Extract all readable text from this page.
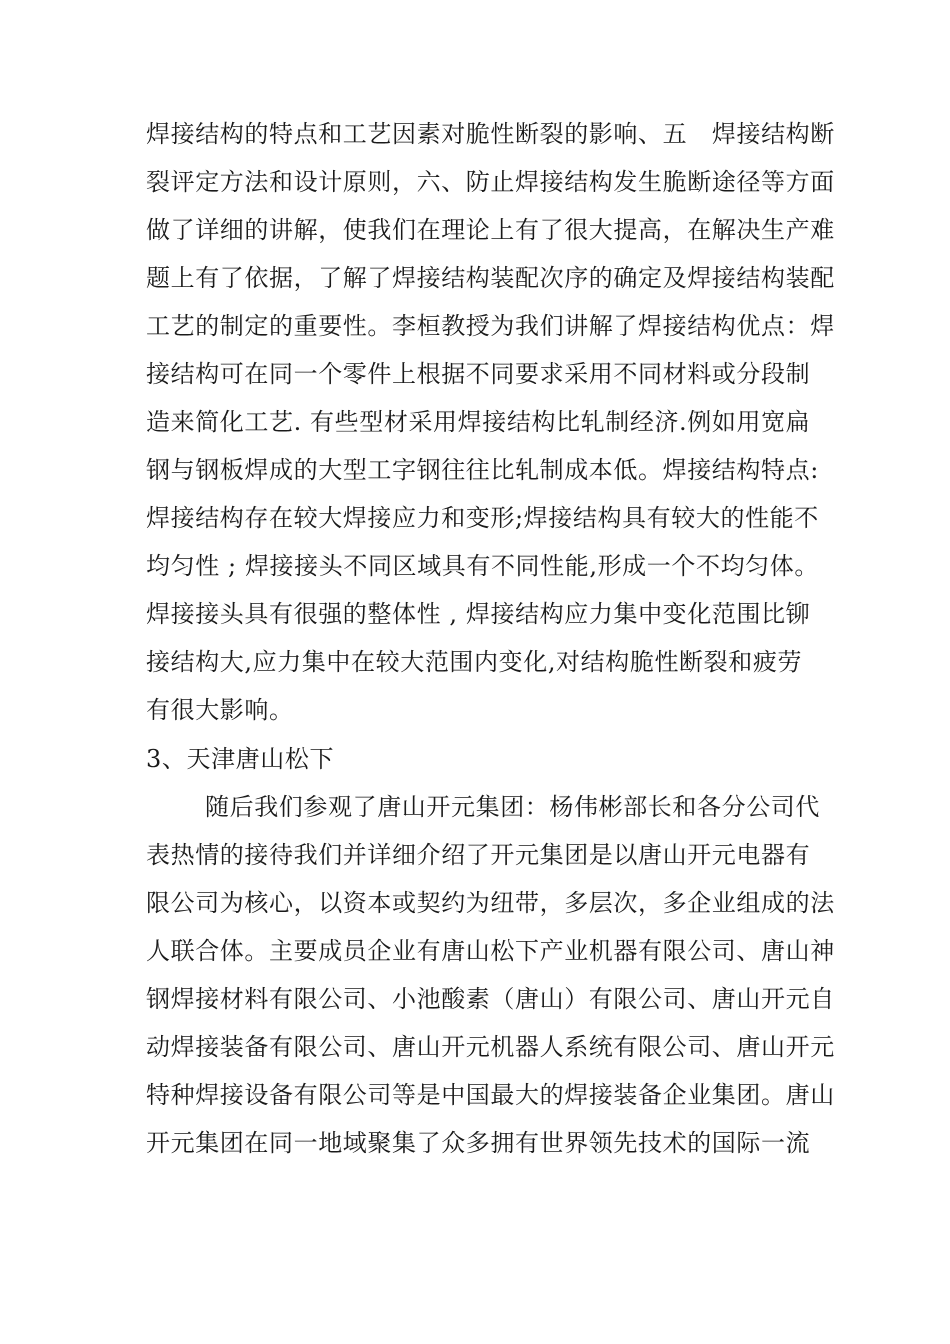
焊接结构的特点和工艺因素对脆性断裂的影响、五   焊接结构断
裂评定方法和设计原则，六、防止焊接结构发生脆断途径等方面
做了详细的讲解，使我们在理论上有了很大提高，在解决生产难
题上有了依据，了解了焊接结构装配次序的确定及焊接结构装配
工艺的制定的重要性。李桓教授为我们讲解了焊接结构优点：焊
接结构可在同一个零件上根据不同要求采用不同材料或分段制
造来简化工艺. 有些型材采用焊接结构比轧制经济.例如用宽扁
钢与钢板焊成的大型工字钢往往比轧制成本低。焊接结构特点:
焊接结构存在较大焊接应力和变形;焊接结构具有较大的性能不
均匀性 ; 焊接接头不同区域具有不同性能,形成一个不均匀体。
焊接接头具有很强的整体性 , 焊接结构应力集中变化范围比铆
接结构大,应力集中在较大范围内变化,对结构脆性断裂和疲劳
有很大影响。
3、天津唐山松下
随后我们参观了唐山开元集团：杨伟彬部长和各分公司代
表热情的接待我们并详细介绍了开元集团是以唐山开元电器有
限公司为核心，以资本或契约为纽带，多层次，多企业组成的法
人联合体。主要成员企业有唐山松下产业机器有限公司、唐山神
钢焊接材料有限公司、小池酸素（唐山）有限公司、唐山开元自
动焊接装备有限公司、唐山开元机器人系统有限公司、唐山开元
特种焊接设备有限公司等是中国最大的焊接装备企业集团。唐山
开元集团在同一地域聚集了众多拥有世界领先技术的国际一流
